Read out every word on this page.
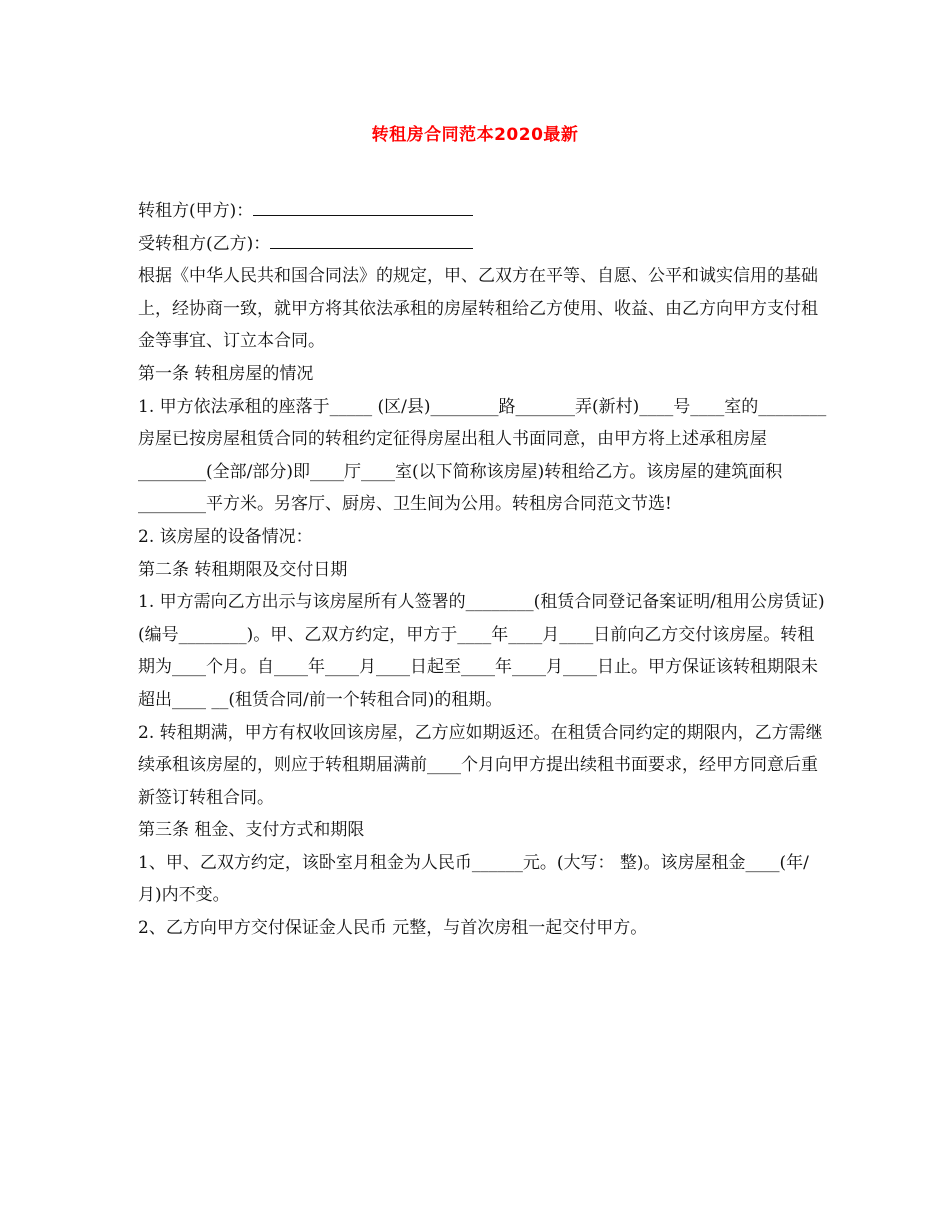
转租房合同范本2020最新

转租方(甲方)：

受转租方(乙方)：

根据《中华人民共和国合同法》的规定，甲、乙双方在平等、自愿、公平和诚实信用的基础上，经协商一致，就甲方将其依法承租的房屋转租给乙方使用、收益、由乙方向甲方支付租金等事宜、订立本合同。

第一条 转租房屋的情况

1. 甲方依法承租的座落于_____ (区/县)________路_______弄(新村)____号____室的________房屋已按房屋租赁合同的转租约定征得房屋出租人书面同意，由甲方将上述承租房屋________(全部/部分)即____厅____室(以下简称该房屋)转租给乙方。该房屋的建筑面积________平方米。另客厅、厨房、卫生间为公用。转租房合同范文节选!

2. 该房屋的设备情况：

第二条 转租期限及交付日期

1. 甲方需向乙方出示与该房屋所有人签署的________(租赁合同登记备案证明/租用公房赁证)(编号________)。甲、乙双方约定，甲方于____年____月____日前向乙方交付该房屋。转租期为____个月。自____年____月____日起至____年____月____日止。甲方保证该转租期限未超出____ __(租赁合同/前一个转租合同)的租期。

2. 转租期满，甲方有权收回该房屋，乙方应如期返还。在租赁合同约定的期限内，乙方需继续承租该房屋的，则应于转租期届满前____个月向甲方提出续租书面要求，经甲方同意后重新签订转租合同。

第三条 租金、支付方式和期限

1、甲、乙双方约定，该卧室月租金为人民币______元。(大写： 整)。该房屋租金____(年/月)内不变。

2、乙方向甲方交付保证金人民币 元整，与首次房租一起交付甲方。
